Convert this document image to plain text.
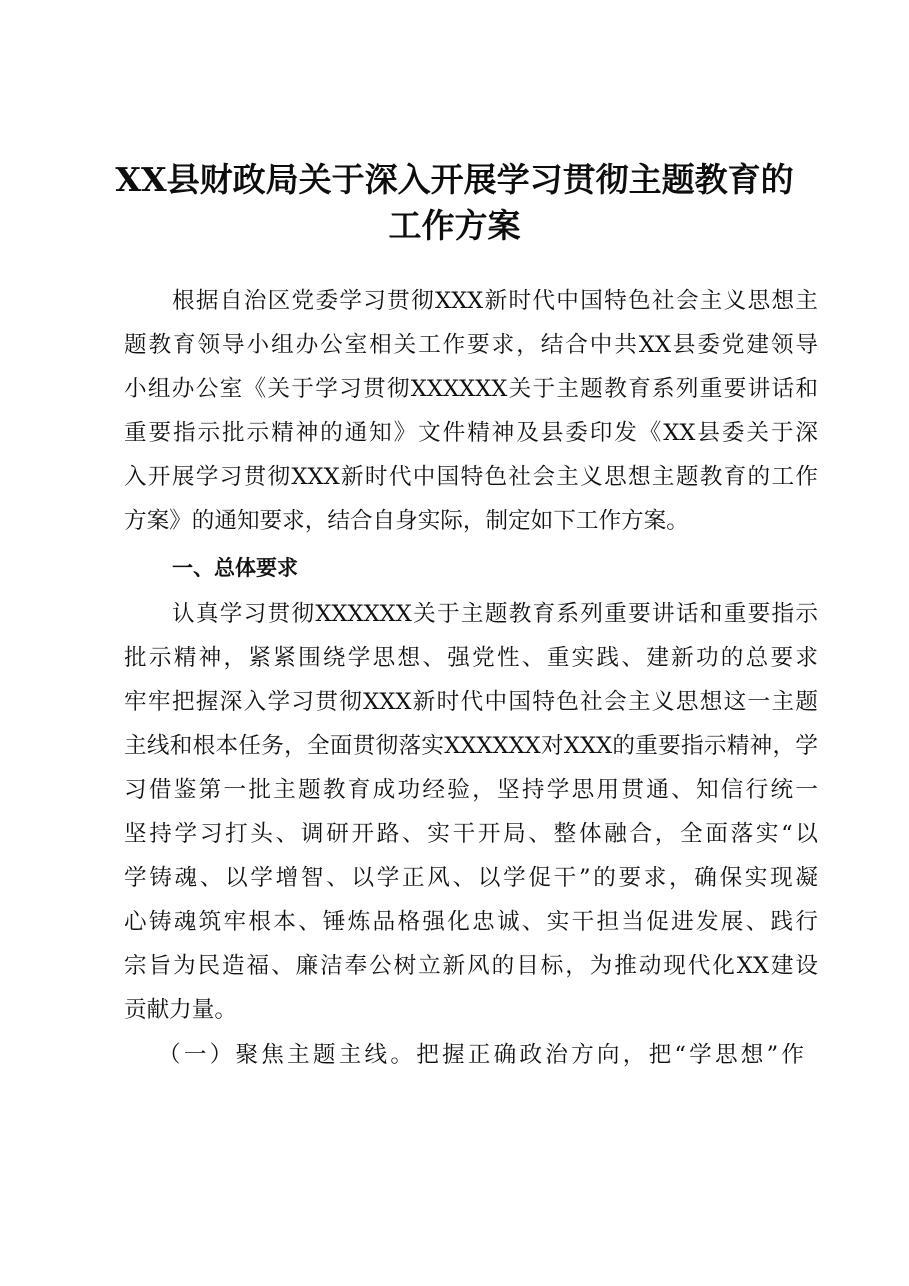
XX县财政局关于深入开展学习贯彻主题教育的
工作方案
根据自治区党委学习贯彻XXX新时代中国特色社会主义思想主
题教育领导小组办公室相关工作要求，结合中共XX县委党建领导
小组办公室《关于学习贯彻XXXXXX关于主题教育系列重要讲话和
重要指示批示精神的通知》文件精神及县委印发《XX县委关于深
入开展学习贯彻XXX新时代中国特色社会主义思想主题教育的工作
方案》的通知要求，结合自身实际，制定如下工作方案。
一、总体要求
认真学习贯彻XXXXXX关于主题教育系列重要讲话和重要指示
批示精神，紧紧围绕学思想、强党性、重实践、建新功的总要求
牢牢把握深入学习贯彻XXX新时代中国特色社会主义思想这一主题
主线和根本任务，全面贯彻落实XXXXXX对XXX的重要指示精神，学
习借鉴第一批主题教育成功经验，坚持学思用贯通、知信行统一
坚持学习打头、调研开路、实干开局、整体融合，全面落实“以
学铸魂、以学增智、以学正风、以学促干”的要求，确保实现凝
心铸魂筑牢根本、锤炼品格强化忠诚、实干担当促进发展、践行
宗旨为民造福、廉洁奉公树立新风的目标，为推动现代化XX建设
贡献力量。
（一）聚焦主题主线。把握正确政治方向，把“学思想”作
